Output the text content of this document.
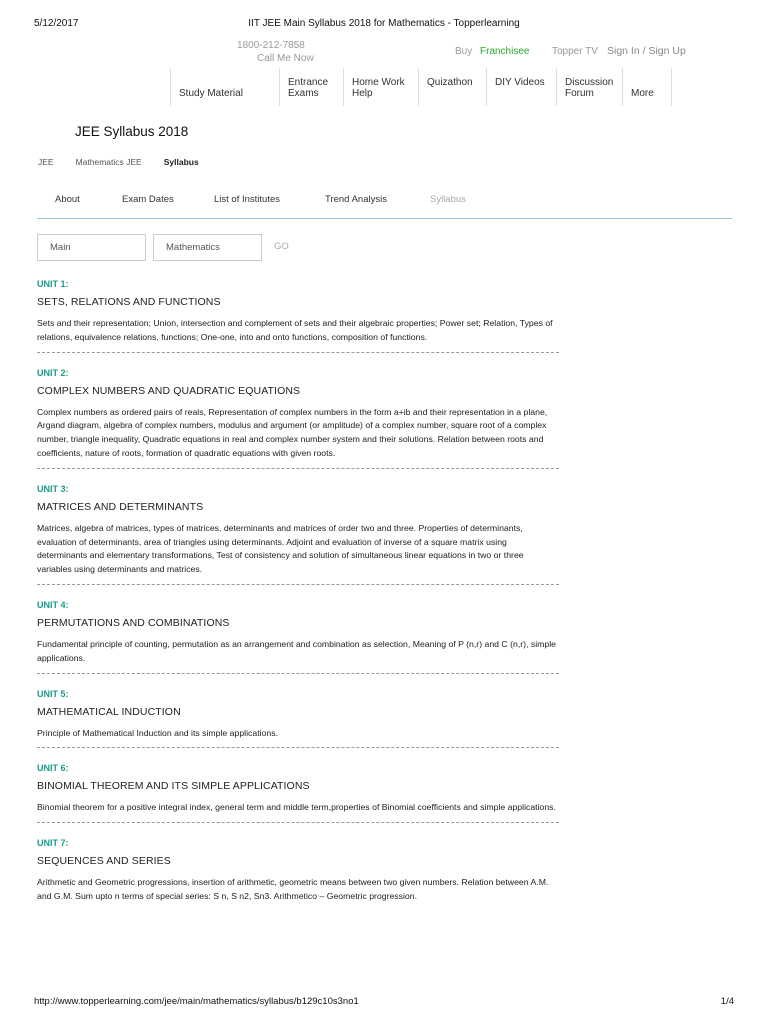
5/12/2017	IIT JEE Main Syllabus 2018 for Mathematics - Topperlearning
1800-212-7858
Call Me Now
Buy Franchisee Topper TV Sign In / Sign Up
Study Material
Entrance
Exams
Home Work
Help
Quizathon	DIY Videos	Discussion
Forum	More
JEE Syllabus 2018
JEE	Mathematics JEE	Syllabus
About	Exam Dates	List of Institutes	Trend Analysis	Syllabus
Main	Mathematics	GO
UNIT 1:
SETS, RELATIONS AND FUNCTIONS
Sets and their representation; Union, intersection and complement of sets and their algebraic properties; Power set; Relation, Types of relations, equivalence relations, functions; One-one, into and onto functions, composition of functions.
UNIT 2:
COMPLEX NUMBERS AND QUADRATIC EQUATIONS
Complex numbers as ordered pairs of reals, Representation of complex numbers in the form a+ib and their representation in a plane, Argand diagram, algebra of complex numbers, modulus and argument (or amplitude) of a complex number, square root of a complex number, triangle inequality, Quadratic equations in real and complex number system and their solutions. Relation between roots and coefficients, nature of roots, formation of quadratic equations with given roots.
UNIT 3:
MATRICES AND DETERMINANTS
Matrices, algebra of matrices, types of matrices, determinants and matrices of order two and three. Properties of determinants, evaluation of determinants, area of triangles using determinants. Adjoint and evaluation of inverse of a square matrix using determinants and elementary transformations, Test of consistency and solution of simultaneous linear equations in two or three variables using determinants and matrices.
UNIT 4:
PERMUTATIONS AND COMBINATIONS
Fundamental principle of counting, permutation as an arrangement and combination as selection, Meaning of P (n,r) and C (n,r), simple applications.
UNIT 5:
MATHEMATICAL INDUCTION
Principle of Mathematical Induction and its simple applications.
UNIT 6:
BINOMIAL THEOREM AND ITS SIMPLE APPLICATIONS
Binomial theorem for a positive integral index, general term and middle term,properties of Binomial coefficients and simple applications.
UNIT 7:
SEQUENCES AND SERIES
Arithmetic and Geometric progressions, insertion of arithmetic, geometric means between two given numbers. Relation between A.M. and G.M. Sum upto n terms of special series: S n, S n2, Sn3. Arithmetico – Geometric progression.
http://www.topperlearning.com/jee/main/mathematics/syllabus/b129c10s3no1	1/4
